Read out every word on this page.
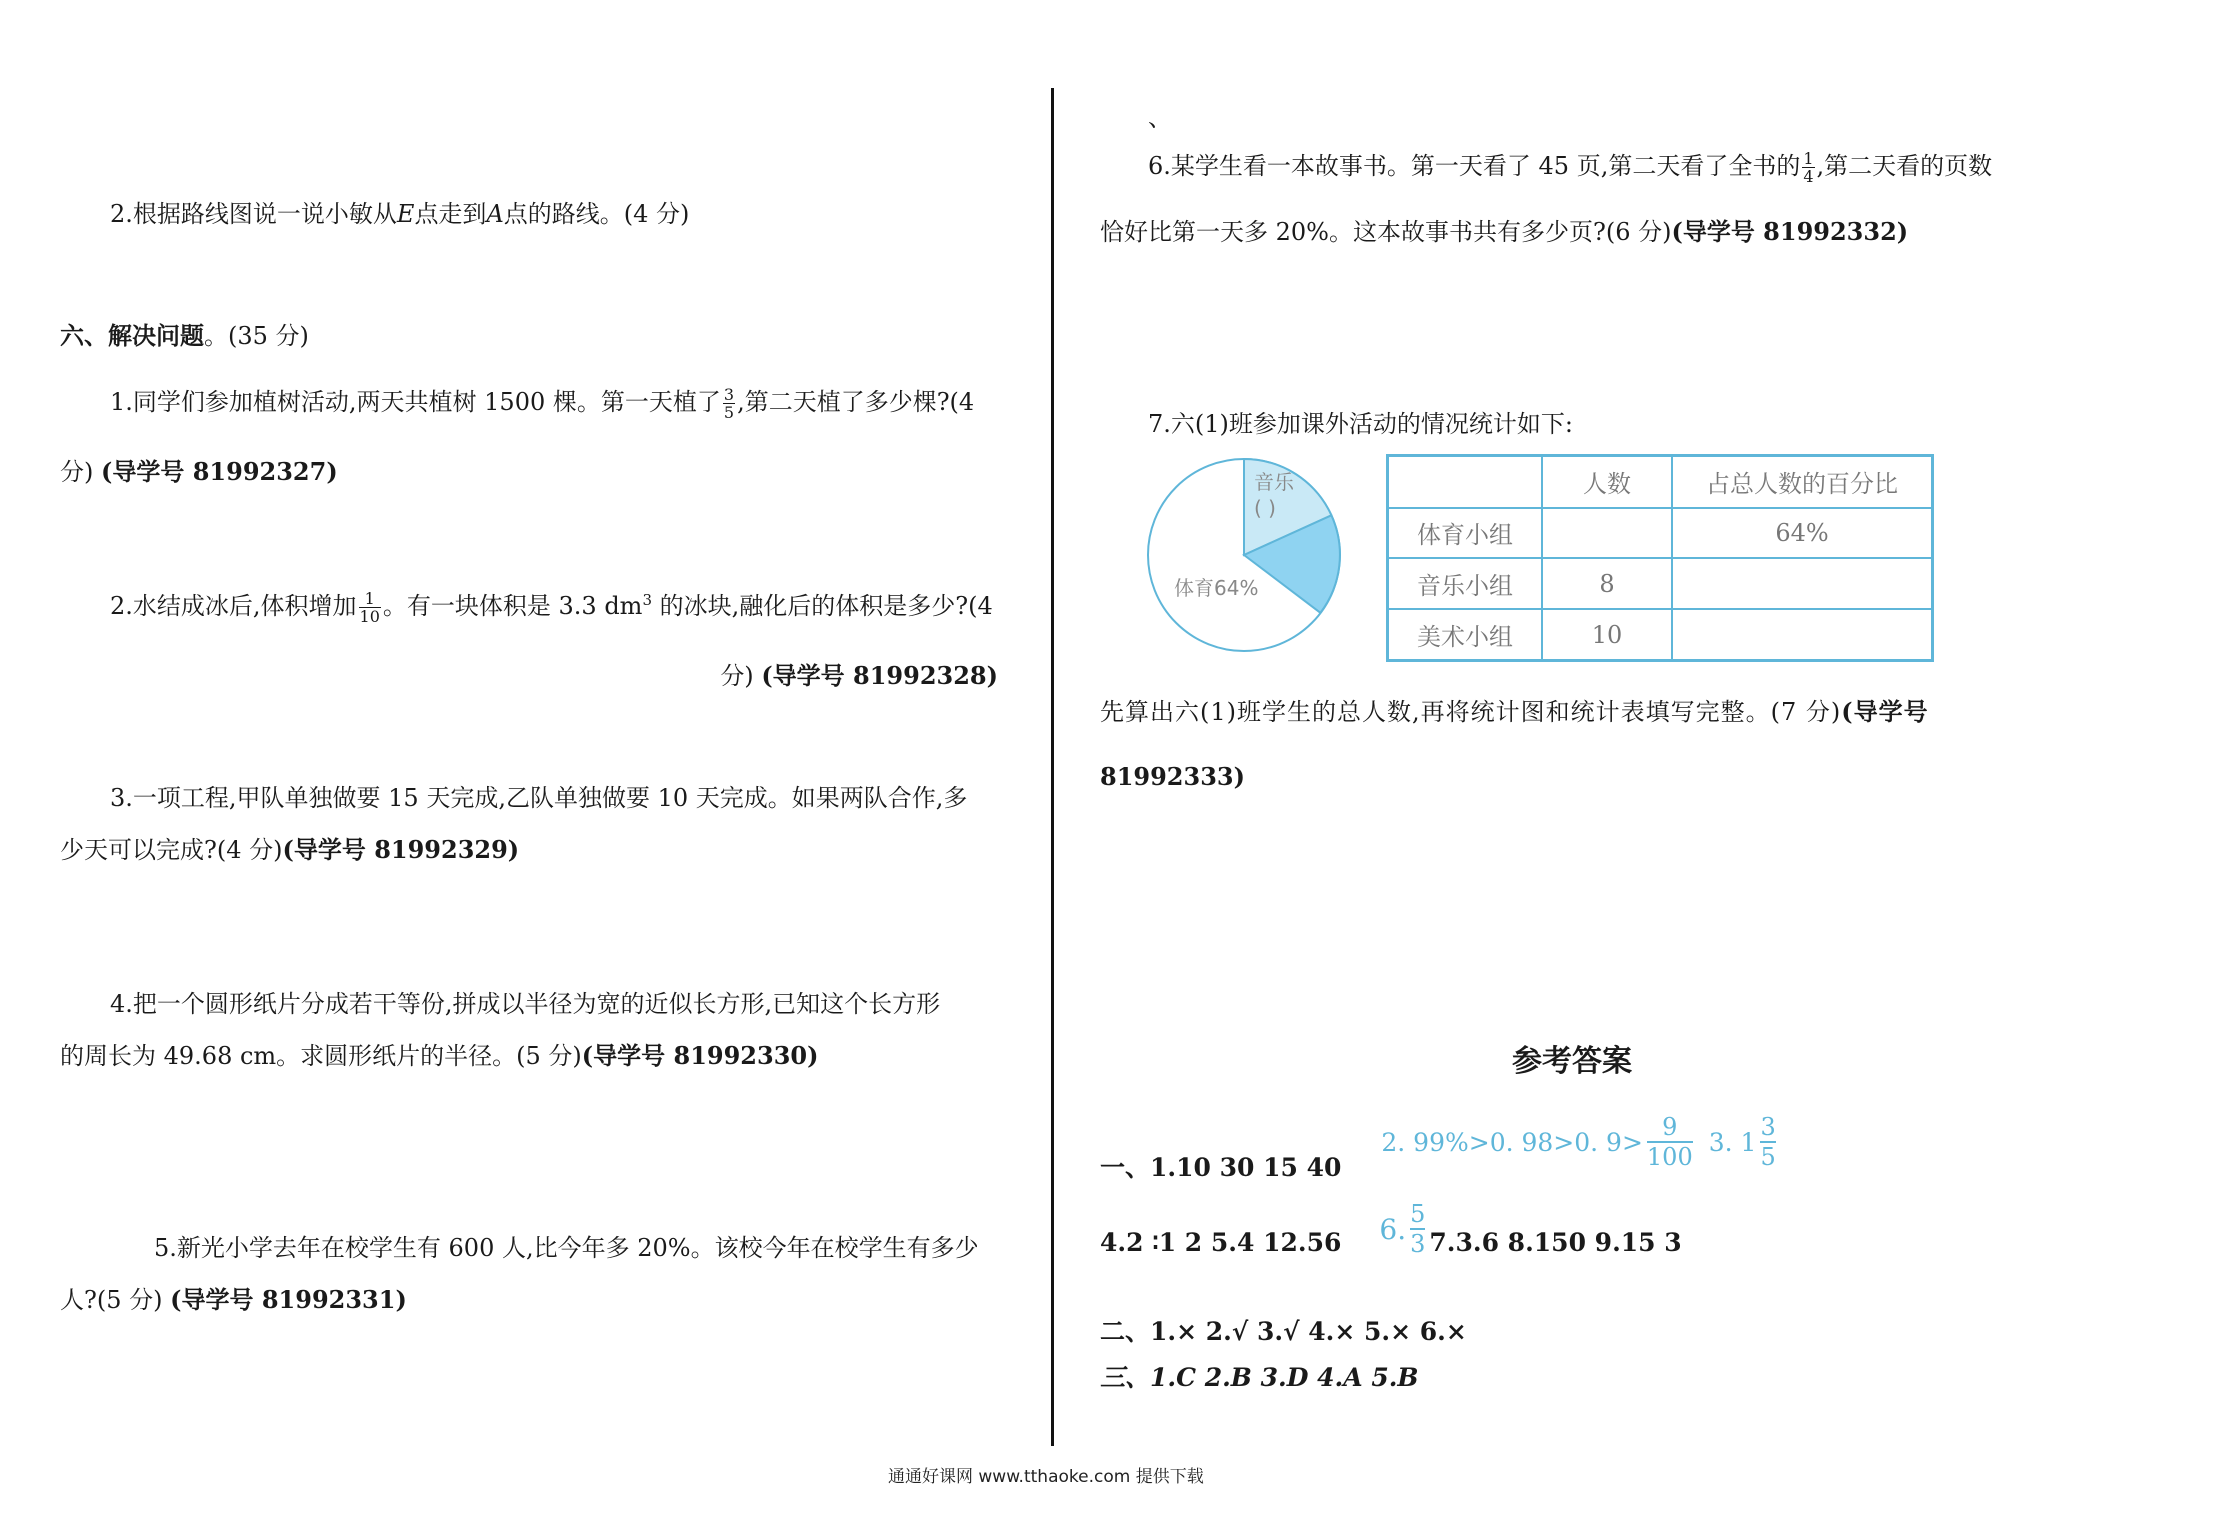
2.根据路线图说一说小敏从E点走到A点的路线。(4 分)
六、解决问题。(35 分)
1.同学们参加植树活动,两天共植树 1500 棵。第一天植了 $\frac{3}{5}$ ,第二天植了多少棵?(4
分) (导学号 81992327)
2.水结成冰后,体积增加 $\frac{1}{10}$ 。有一块体积是 3.3 $dm^3$ 的冰块,融化后的体积是多少?(4
分) (导学号 81992328)
3.一项工程,甲队单独做要 15 天完成,乙队单独做要 10 天完成。如果两队合作,多
少天可以完成?(4 分)(导学号 81992329)
4.把一个圆形纸片分成若干等份,拼成以半径为宽的近似长方形,已知这个长方形
的周长为 49.68 cm。求圆形纸片的半径。(5 分)(导学号 81992330)
5.新光小学去年在校学生有 600 人,比今年多 20%。该校今年在校学生有多少
人?(5 分) (导学号 81992331)
、
6.某学生看一本故事书。第一天看了 45 页,第二天看了全书的 $\frac{1}{4}$ ,第二天看的页数
恰好比第一天多 20%。这本故事书共有多少页?(6 分)(导学号 81992332)
7.六(1)班参加课外活动的情况统计如下:
音乐
( )
体育64%
	人数	占总人数的百分比
体育小组		64%
音乐小组	8	
美术小组	10	
先算出六(1)班学生的总人数,再将统计图和统计表填写完整。(7 分)(导学号
81992333)
参考答案
一、1.10 30 15 40
2. 99%>0. 98>0. $9> \frac{9}{100} 3$. $1 \frac{3}{5}$
4.2 ∶1 2 5.4 12.56 6. $\frac{5}{3} 7.3.6$ 8.150 9.15 3
二、1.× 2.√ 3.√ 4.× 5.× 6.×
三、1.C 2.B 3.D 4.A 5.B
通通好课网 www.tthaoke.com 提供下载
